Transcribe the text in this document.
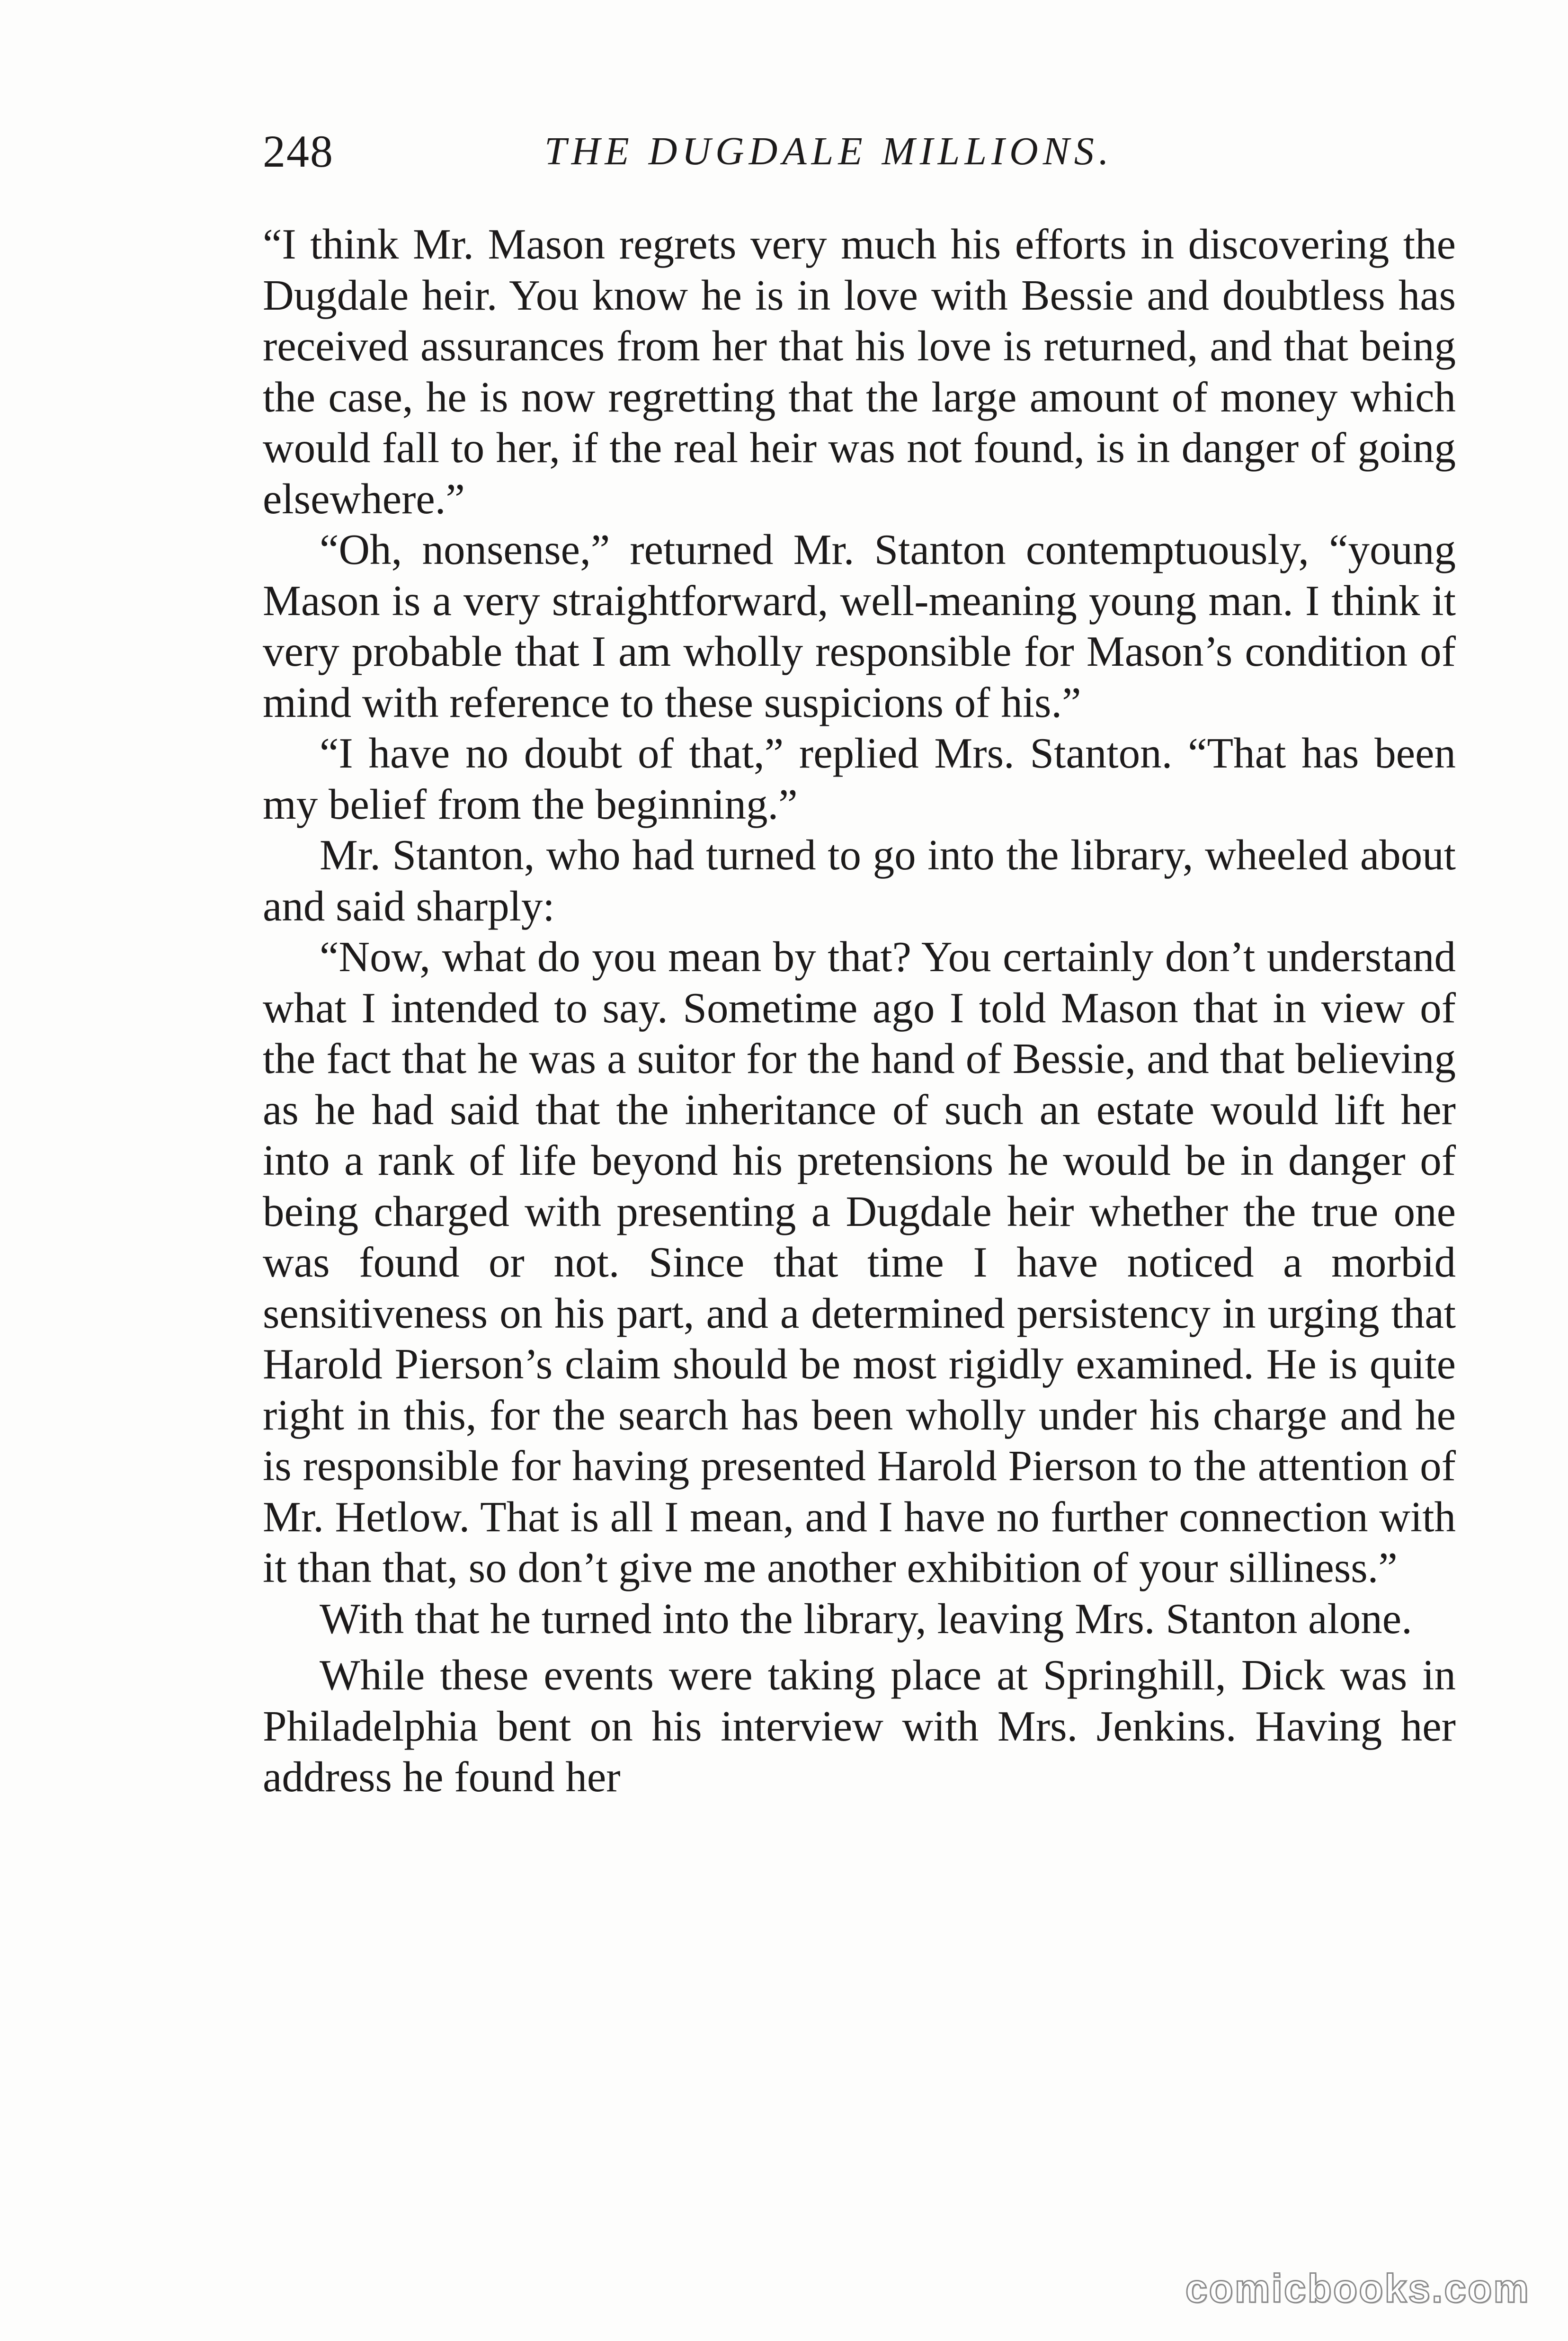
248	THE DUGDALE MILLIONS.

“I think Mr. Mason regrets very much his efforts in discovering the Dugdale heir. You know he is in love with Bessie and doubtless has received assurances from her that his love is returned, and that being the case, he is now regretting that the large amount of money which would fall to her, if the real heir was not found, is in danger of going elsewhere.”

“Oh, nonsense,” returned Mr. Stanton contemptuously, “young Mason is a very straightforward, well-meaning young man. I think it very probable that I am wholly responsible for Mason’s condition of mind with reference to these suspicions of his.”

“I have no doubt of that,” replied Mrs. Stanton. “That has been my belief from the beginning.”

Mr. Stanton, who had turned to go into the library, wheeled about and said sharply:

“Now, what do you mean by that? You certainly don’t understand what I intended to say. Sometime ago I told Mason that in view of the fact that he was a suitor for the hand of Bessie, and that believing as he had said that the inheritance of such an estate would lift her into a rank of life beyond his pretensions he would be in danger of being charged with presenting a Dugdale heir whether the true one was found or not. Since that time I have noticed a morbid sensitiveness on his part, and a determined persistency in urging that Harold Pierson’s claim should be most rigidly examined. He is quite right in this, for the search has been wholly under his charge and he is responsible for having presented Harold Pierson to the attention of Mr. Hetlow. That is all I mean, and I have no further connection with it than that, so don’t give me another exhibition of your silliness.”

With that he turned into the library, leaving Mrs. Stanton alone.

While these events were taking place at Springhill, Dick was in Philadelphia bent on his interview with Mrs. Jenkins. Having her address he found her

comicbooks.com
